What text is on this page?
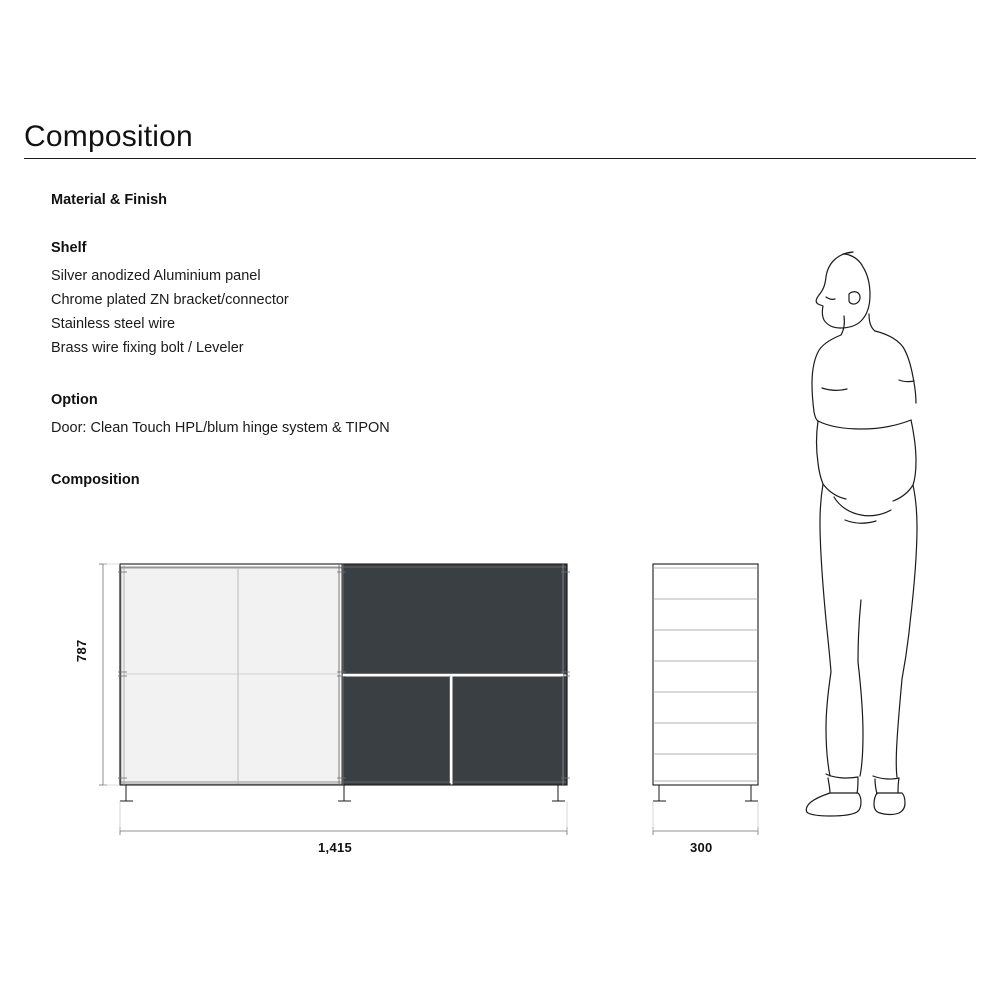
Composition
Material & Finish
Shelf
Silver anodized Aluminium panel
Chrome plated ZN bracket/connector
Stainless steel wire
Brass wire fixing bolt / Leveler
Option
Door: Clean Touch HPL/blum hinge system & TIPON
Composition
787
1,415	300
